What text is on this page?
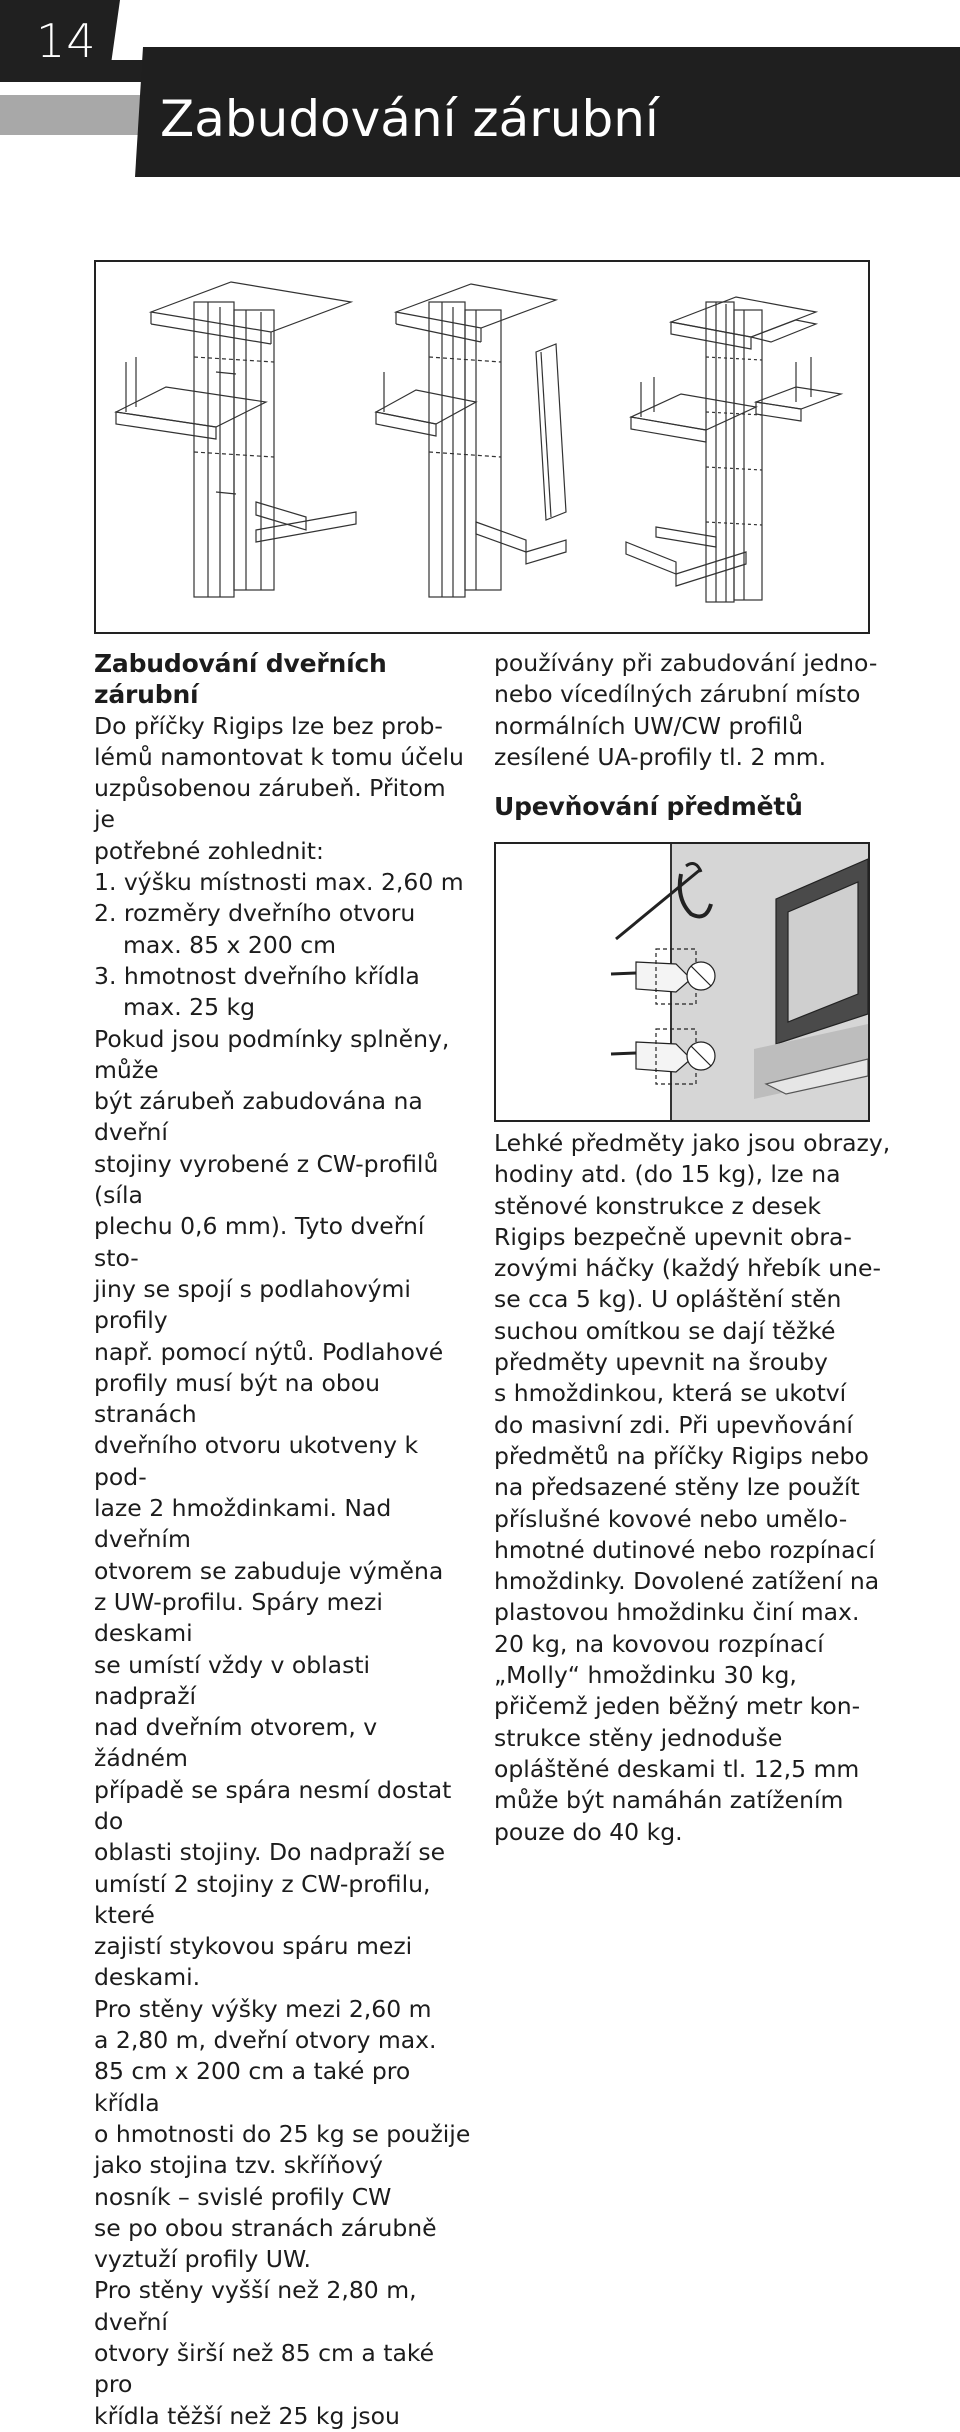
14
Zabudování zárubní

Zabudování dveřních zárubní

Do příčky Rigips lze bez prob-

lémů namontovat k tomu účelu

uzpůsobenou zárubeň. Přitom je

potřebné zohlednit:

1. výšku místnosti max. 2,60 m

2. rozměry dveřního otvoru

max. 85 x 200 cm

3. hmotnost dveřního křídla

max. 25 kg

Pokud jsou podmínky splněny, může

být zárubeň zabudována na dveřní

stojiny vyrobené z CW-profilů (síla

plechu 0,6 mm). Tyto dveřní sto-

jiny se spojí s podlahovými profily

např. pomocí nýtů. Podlahové

profily musí být na obou stranách

dveřního otvoru ukotveny k pod-

laze 2 hmoždinkami. Nad dveřním

otvorem se zabuduje výměna

z UW-profilu. Spáry mezi deskami

se umístí vždy v oblasti nadpraží

nad dveřním otvorem, v žádném

případě se spára nesmí dostat do

oblasti stojiny. Do nadpraží se

umístí 2 stojiny z CW-profilu, které

zajistí stykovou spáru mezi deskami.

Pro stěny výšky mezi 2,60 m

a 2,80 m, dveřní otvory max.

85 cm x 200 cm a také pro křídla

o hmotnosti do 25 kg se použije

jako stojina tzv. skříňový

nosník – svislé profily CW

se po obou stranách zárubně

vyztuží profily UW.

Pro stěny vyšší než 2,80 m, dveřní

otvory širší než 85 cm a také pro

křídla těžší než 25 kg jsou

používány při zabudování jedno-

nebo vícedílných zárubní místo

normálních UW/CW profilů

zesílené UA-profily tl. 2 mm.

Upevňování předmětů

Lehké předměty jako jsou obrazy,

hodiny atd. (do 15 kg), lze na

stěnové konstrukce z desek

Rigips bezpečně upevnit obra-

zovými háčky (každý hřebík une-

se cca 5 kg). U opláštění stěn

suchou omítkou se dají těžké

předměty upevnit na šrouby

s hmoždinkou, která se ukotví

do masivní zdi. Při upevňování

předmětů na příčky Rigips nebo

na předsazené stěny lze použít

příslušné kovové nebo umělo-

hmotné dutinové nebo rozpínací

hmoždinky. Dovolené zatížení na

plastovou hmoždinku činí max.

20 kg, na kovovou rozpínací

„Molly“ hmoždinku 30 kg,

přičemž jeden běžný metr kon-

strukce stěny jednoduše

opláštěné deskami tl. 12,5 mm

může být namáhán zatížením

pouze do 40 kg.
